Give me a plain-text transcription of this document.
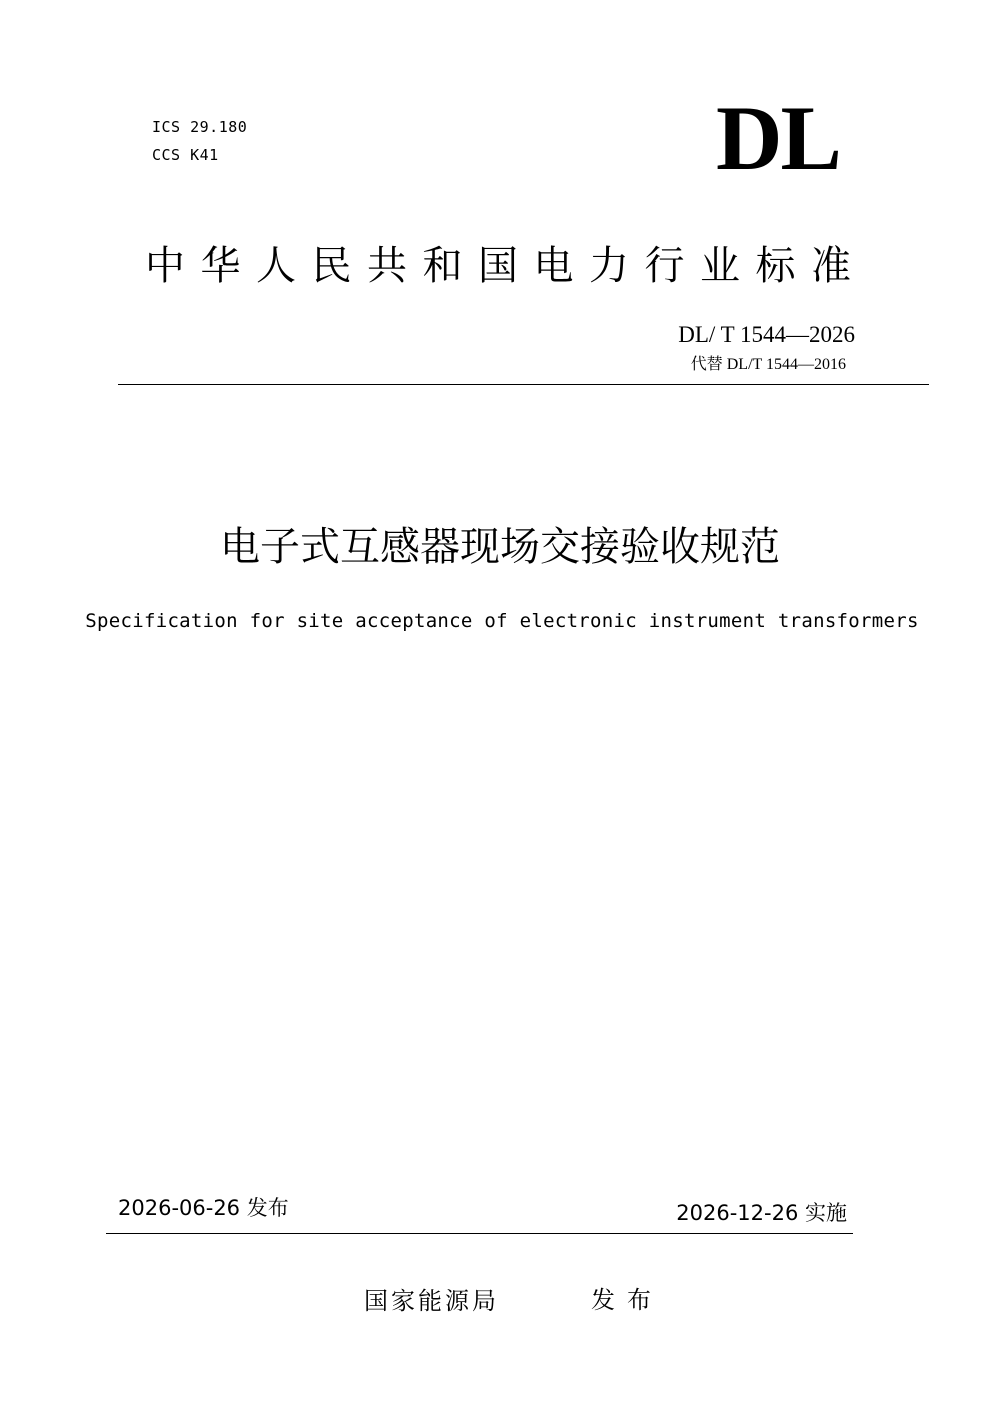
ICS 29.180
CCS K41	DL
中华人民共和国电力行业标准
DL/ T 1544—2026
代替 DL/T 1544—2016
电子式互感器现场交接验收规范
Specification for site acceptance of electronic instrument transformers
2026-06-26 发布	2026-12-26 实施
国家能源局	发布
